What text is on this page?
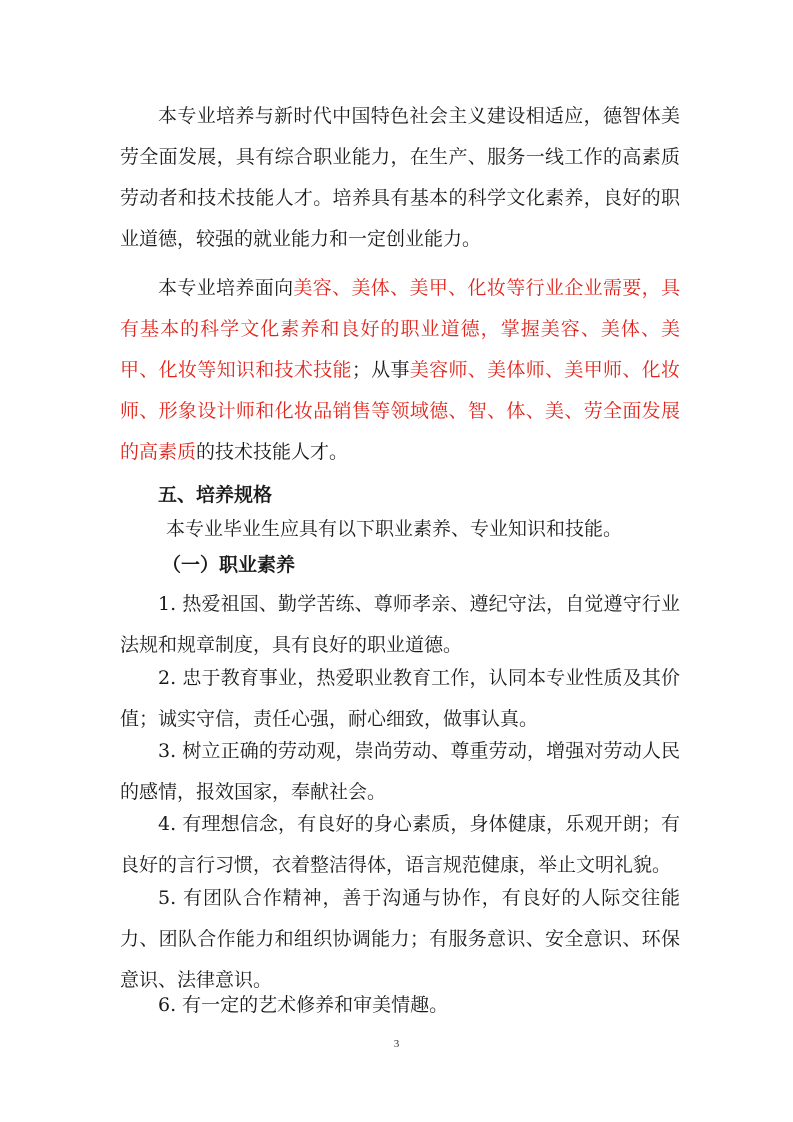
本专业培养与新时代中国特色社会主义建设相适应，德智体美劳全面发展，具有综合职业能力，在生产、服务一线工作的高素质劳动者和技术技能人才。培养具有基本的科学文化素养，良好的职业道德，较强的就业能力和一定创业能力。

本专业培养面向美容、美体、美甲、化妆等行业企业需要，具有基本的科学文化素养和良好的职业道德，掌握美容、美体、美甲、化妆等知识和技术技能；从事美容师、美体师、美甲师、化妆师、形象设计师和化妆品销售等领域德、智、体、美、劳全面发展的高素质的技术技能人才。

五、培养规格

本专业毕业生应具有以下职业素养、专业知识和技能。

（一）职业素养

1. 热爱祖国、勤学苦练、尊师孝亲、遵纪守法，自觉遵守行业法规和规章制度，具有良好的职业道德。

2. 忠于教育事业，热爱职业教育工作，认同本专业性质及其价值；诚实守信，责任心强，耐心细致，做事认真。

3. 树立正确的劳动观，崇尚劳动、尊重劳动，增强对劳动人民的感情，报效国家，奉献社会。

4. 有理想信念，有良好的身心素质，身体健康，乐观开朗；有良好的言行习惯，衣着整洁得体，语言规范健康，举止文明礼貌。

5. 有团队合作精神，善于沟通与协作，有良好的人际交往能力、团队合作能力和组织协调能力；有服务意识、安全意识、环保意识、法律意识。

6. 有一定的艺术修养和审美情趣。

3
